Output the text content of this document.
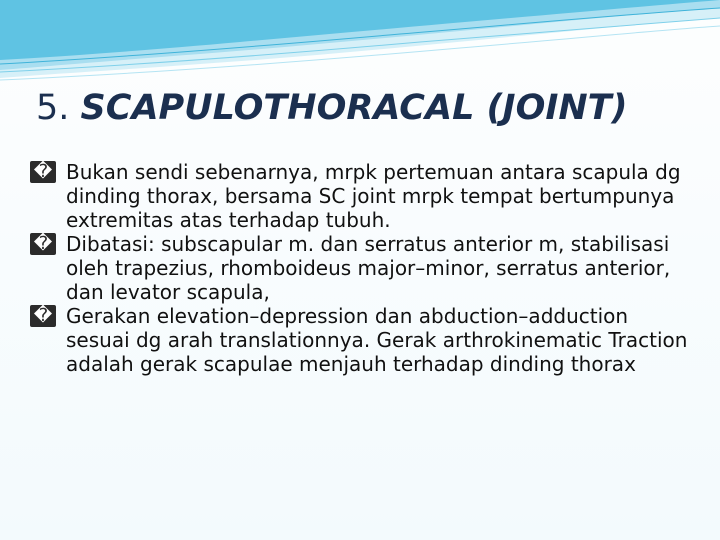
5. SCAPULOTHORACAL (JOINT)
� Bukan sendi sebenarnya, mrpk pertemuan antara scapula dg dinding thorax, bersama SC joint mrpk tempat bertumpunya extremitas atas terhadap tubuh.
� Dibatasi: subscapular m. dan serratus anterior m, stabilisasi oleh trapezius, rhomboideus major–minor, serratus anterior, dan levator scapula,
� Gerakan elevation–depression dan abduction–adduction sesuai dg arah translationnya. Gerak arthrokinematic Traction adalah gerak scapulae menjauh terhadap dinding thorax
